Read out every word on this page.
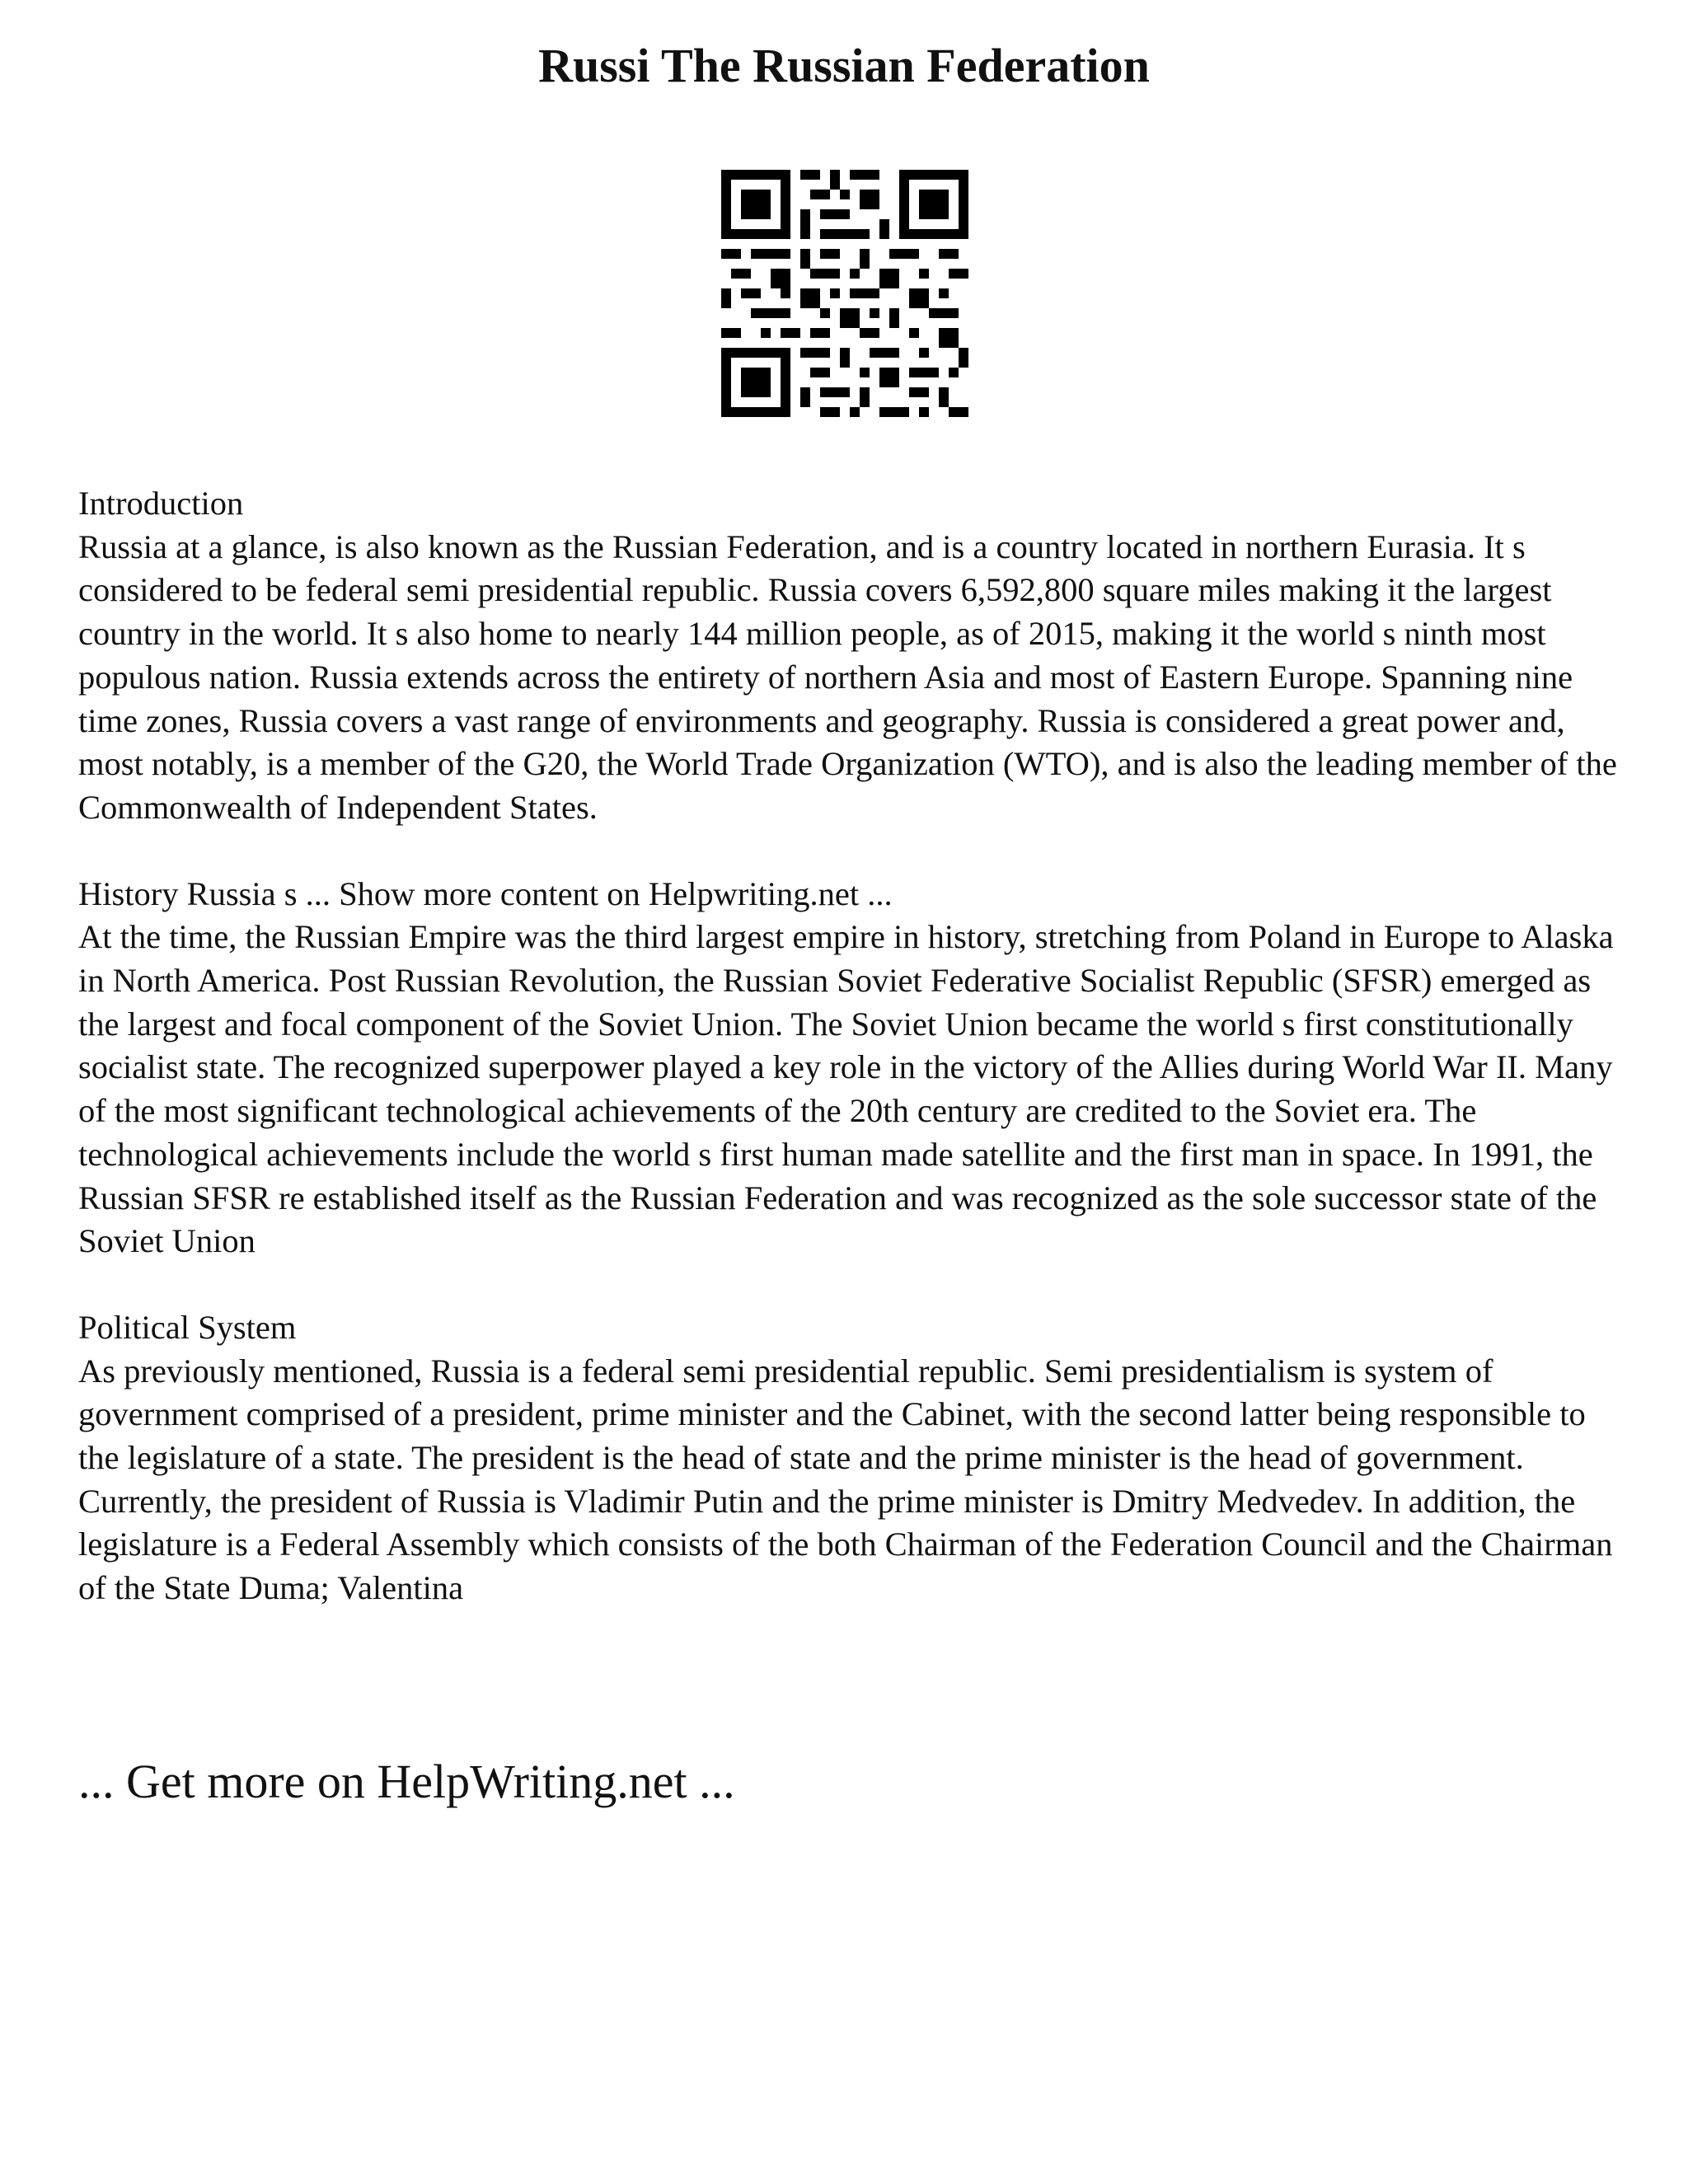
Russi The Russian Federation

Introduction

Russia at a glance, is also known as the Russian Federation, and is a country located in northern Eurasia. It s considered to be federal semi presidential republic. Russia covers 6,592,800 square miles making it the largest country in the world. It s also home to nearly 144 million people, as of 2015, making it the world s ninth most populous nation. Russia extends across the entirety of northern Asia and most of Eastern Europe. Spanning nine time zones, Russia covers a vast range of environments and geography. Russia is considered a great power and, most notably, is a member of the G20, the World Trade Organization (WTO), and is also the leading member of the Commonwealth of Independent States.

History Russia s ... Show more content on Helpwriting.net ...

At the time, the Russian Empire was the third largest empire in history, stretching from Poland in Europe to Alaska in North America. Post Russian Revolution, the Russian Soviet Federative Socialist Republic (SFSR) emerged as the largest and focal component of the Soviet Union. The Soviet Union became the world s first constitutionally socialist state. The recognized superpower played a key role in the victory of the Allies during World War II. Many of the most significant technological achievements of the 20th century are credited to the Soviet era. The technological achievements include the world s first human made satellite and the first man in space. In 1991, the Russian SFSR re established itself as the Russian Federation and was recognized as the sole successor state of the Soviet Union

Political System

As previously mentioned, Russia is a federal semi presidential republic. Semi presidentialism is system of government comprised of a president, prime minister and the Cabinet, with the second latter being responsible to the legislature of a state. The president is the head of state and the prime minister is the head of government. Currently, the president of Russia is Vladimir Putin and the prime minister is Dmitry Medvedev. In addition, the legislature is a Federal Assembly which consists of the both Chairman of the Federation Council and the Chairman of the State Duma; Valentina

... Get more on HelpWriting.net ...
